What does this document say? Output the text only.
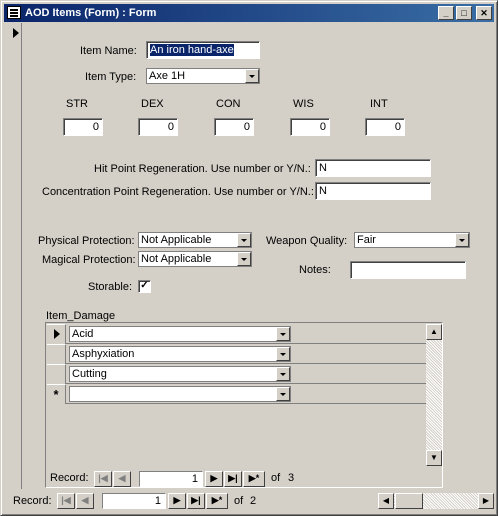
AOD Items (Form) : Form	_	□	✕
Item Name:	An iron hand-axe
Item Type: Axe 1H
STR	DEX	CON	WIS	INT
0	0	0	0	0
Hit Point Regeneration. Use number or Y/N.: N
Concentration Point Regeneration. Use number or Y/N.: N
Physical Protection: Not Applicable
Magical Protection: Not Applicable
Weapon Quality: Fair
Notes:
Storable: ✓
Item_Damage
Acid
Asphyxiation
Cutting
*
▲
▼
Record:	|◀	◀	1	▶	▶|	▶*	of 3
Record:	|◀	◀	1	▶	▶|	▶*	of 2	◀	▶
